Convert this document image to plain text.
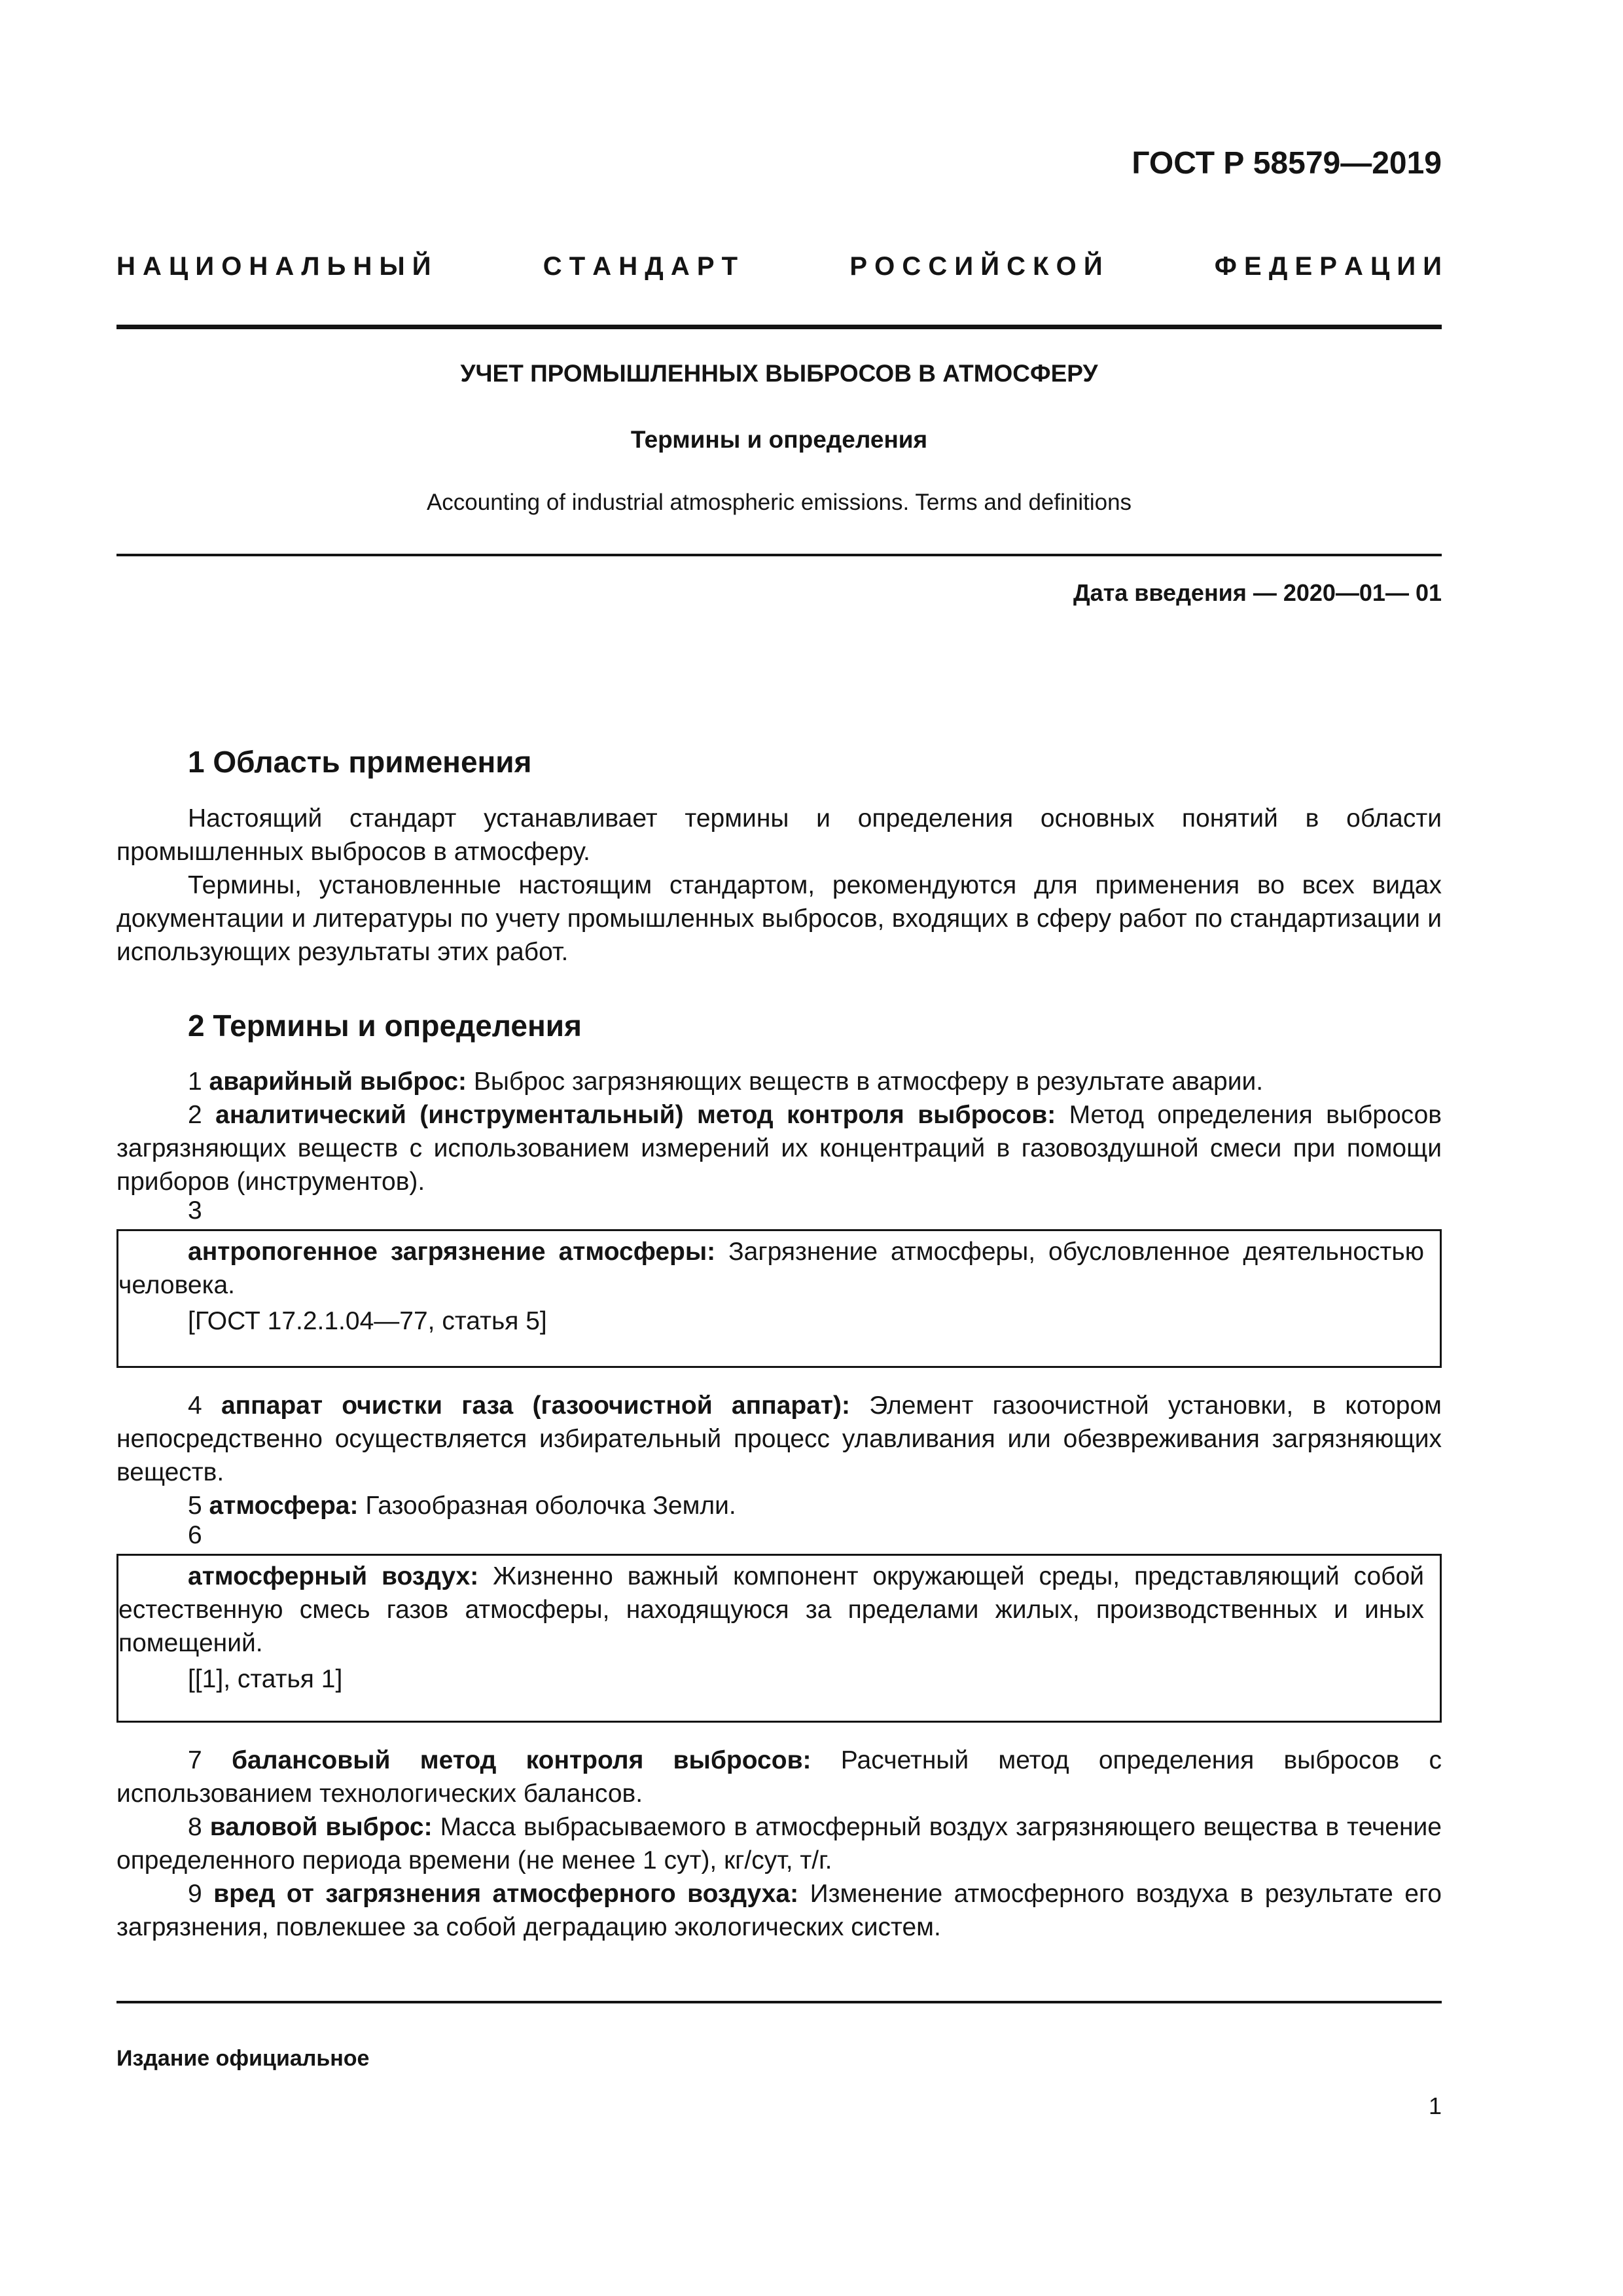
ГОСТ Р 58579—2019
Н А Ц И О Н А Л Ь Н Ы Й	С Т А Н Д А Р Т	Р О С С И Й С К О Й	Ф Е Д Е Р А Ц И И
УЧЕТ ПРОМЫШЛЕННЫХ ВЫБРОСОВ В АТМОСФЕРУ
Термины и определения
Accounting of industrial atmospheric emissions. Terms and definitions
Дата введения — 2020—01— 01
1 Область применения

Настоящий стандарт устанавливает термины и определения основных понятий в области промышленных выбросов в атмосферу.

Термины, установленные настоящим стандартом, рекомендуются для применения во всех видах документации и литературы по учету промышленных выбросов, входящих в сферу работ по стандартизации и использующих результаты этих работ.

2 Термины и определения

1 аварийный выброс: Выброс загрязняющих веществ в атмосферу в результате аварии.

2 аналитический (инструментальный) метод контроля выбросов: Метод определения выбросов загрязняющих веществ с использованием измерений их концентраций в газовоздушной смеси при помощи приборов (инструментов).

3

антропогенное загрязнение атмосферы: Загрязнение атмосферы, обусловленное деятельностью человека.

[ГОСТ 17.2.1.04—77, статья 5]

4 аппарат очистки газа (газоочистной аппарат): Элемент газоочистной установки, в котором непосредственно осуществляется избирательный процесс улавливания или обезвреживания загрязняющих веществ.

5 атмосфера: Газообразная оболочка Земли.

6

атмосферный воздух: Жизненно важный компонент окружающей среды, представляющий собой естественную смесь газов атмосферы, находящуюся за пределами жилых, производственных и иных помещений.

[[1], статья 1]

7 балансовый метод контроля выбросов: Расчетный метод определения выбросов с использованием технологических балансов.

8 валовой выброс: Масса выбрасываемого в атмосферный воздух загрязняющего вещества в течение определенного периода времени (не менее 1 сут), кг/сут, т/г.

9 вред от загрязнения атмосферного воздуха: Изменение атмосферного воздуха в результате его загрязнения, повлекшее за собой деградацию экологических систем.

Издание официальное
1
